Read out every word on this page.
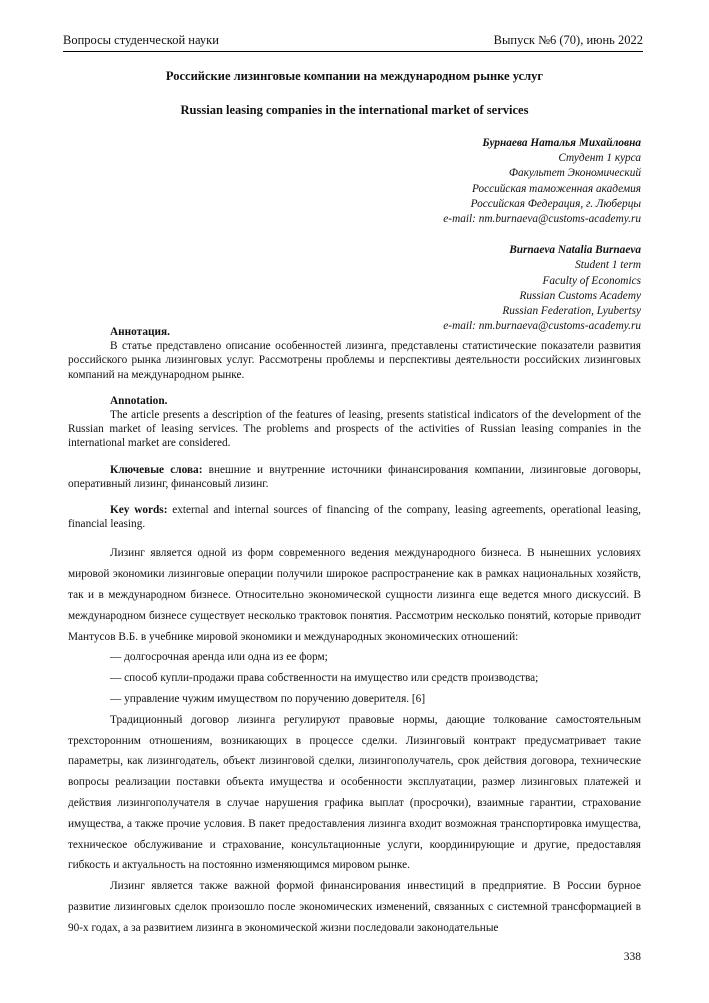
Вопросы студенческой науки	Выпуск №6 (70), июнь 2022
Российские лизинговые компании на международном рынке услуг
Russian leasing companies in the international market of services
Бурнаева Наталья Михайловна
Студент 1 курса
Факультет Экономический
Российская таможенная академия
Российская Федерация, г. Люберцы
e-mail: nm.burnaeva@customs-academy.ru
Burnaeva Natalia Burnaeva
Student 1 term
Faculty of Economics
Russian Customs Academy
Russian Federation, Lyubertsy
e-mail: nm.burnaeva@customs-academy.ru
Аннотация.

В статье представлено описание особенностей лизинга, представлены статистические показатели развития российского рынка лизинговых услуг. Рассмотрены проблемы и перспективы деятельности российских лизинговых компаний на международном рынке.

Annotation.

The article presents a description of the features of leasing, presents statistical indicators of the development of the Russian market of leasing services. The problems and prospects of the activities of Russian leasing companies in the international market are considered.

Ключевые слова: внешние и внутренние источники финансирования компании, лизинговые договоры, оперативный лизинг, финансовый лизинг.

Key words: external and internal sources of financing of the company, leasing agreements, operational leasing, financial leasing.

Лизинг является одной из форм современного ведения международного бизнеса. В нынешних условиях мировой экономики лизинговые операции получили широкое распространение как в рамках национальных хозяйств, так и в международном бизнесе. Относительно экономической сущности лизинга еще ведется много дискуссий. В международном бизнесе существует несколько трактовок понятия. Рассмотрим несколько понятий, которые приводит Мантусов В.Б. в учебнике мировой экономики и международных экономических отношений:

— долгосрочная аренда или одна из ее форм;

— способ купли-продажи права собственности на имущество или средств производства;

— управление чужим имуществом по поручению доверителя. [6]

Традиционный договор лизинга регулируют правовые нормы, дающие толкование самостоятельным трехсторонним отношениям, возникающих в процессе сделки. Лизинговый контракт предусматривает такие параметры, как лизингодатель, объект лизинговой сделки, лизингополучатель, срок действия договора, технические вопросы реализации поставки объекта имущества и особенности эксплуатации, размер лизинговых платежей и действия лизингополучателя в случае нарушения графика выплат (просрочки), взаимные гарантии, страхование имущества, а также прочие условия. В пакет предоставления лизинга входит возможная транспортировка имущества, техническое обслуживание и страхование, консультационные услуги, координирующие и другие, предоставляя гибкость и актуальность на постоянно изменяющимся мировом рынке.

Лизинг является также важной формой финансирования инвестиций в предприятие. В России бурное развитие лизинговых сделок произошло после экономических изменений, связанных с системной трансформацией в 90-х годах, а за развитием лизинга в экономической жизни последовали законодательные

338
